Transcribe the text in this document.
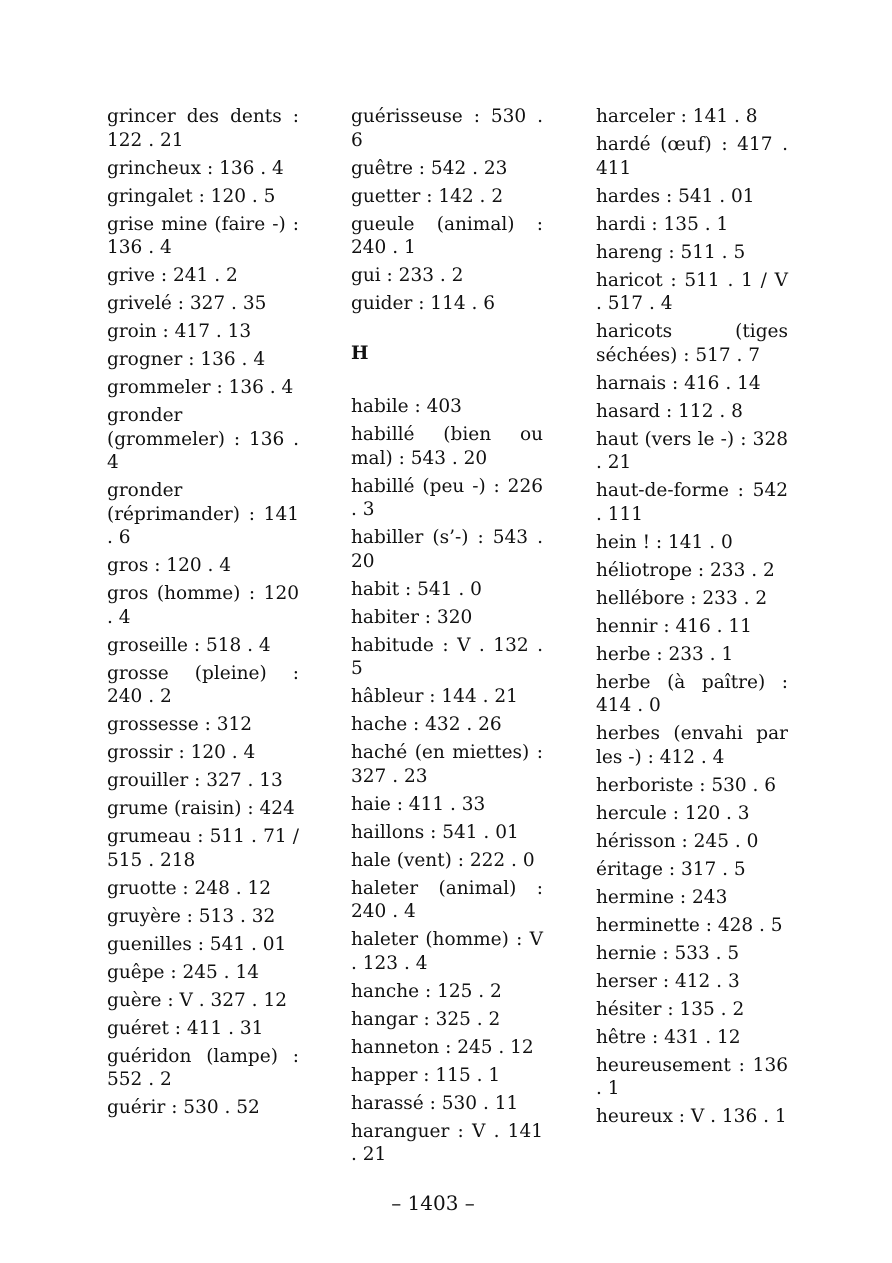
grincer des dents : 122 . 21
grincheux : 136 . 4
gringalet : 120 . 5
grise mine (faire -) : 136 . 4
grive : 241 . 2
grivelé : 327 . 35
groin : 417 . 13
grogner : 136 . 4
grommeler : 136 . 4
gronder (grommeler) : 136 . 4
gronder (réprimander) : 141 . 6
gros : 120 . 4
gros (homme) : 120 . 4
groseille : 518 . 4
grosse (pleine) : 240 . 2
grossesse : 312
grossir : 120 . 4
grouiller : 327 . 13
grume (raisin) : 424
grumeau : 511 . 71 / 515 . 218
gruotte : 248 . 12
gruyère : 513 . 32
guenilles : 541 . 01
guêpe : 245 . 14
guère : V . 327 . 12
guéret : 411 . 31
guéridon (lampe) : 552 . 2
guérir : 530 . 52
guérisseuse : 530 . 6
guêtre : 542 . 23
guetter : 142 . 2
gueule (animal) : 240 . 1
gui : 233 . 2
guider : 114 . 6
H
habile : 403
habillé (bien ou mal) : 543 . 20
habillé (peu -) : 226 . 3
habiller (s’-) : 543 . 20
habit : 541 . 0
habiter : 320
habitude : V . 132 . 5
hâbleur : 144 . 21
hache : 432 . 26
haché (en miettes) : 327 . 23
haie : 411 . 33
haillons : 541 . 01
hale (vent) : 222 . 0
haleter (animal) : 240 . 4
haleter (homme) : V . 123 . 4
hanche : 125 . 2
hangar : 325 . 2
hanneton : 245 . 12
happer : 115 . 1
harassé : 530 . 11
haranguer : V . 141 . 21
harceler : 141 . 8
hardé (œuf) : 417 . 411
hardes : 541 . 01
hardi : 135 . 1
hareng : 511 . 5
haricot : 511 . 1 / V . 517 . 4
haricots (tiges séchées) : 517 . 7
harnais : 416 . 14
hasard : 112 . 8
haut (vers le -) : 328 . 21
haut-de-forme : 542 . 111
hein ! : 141 . 0
héliotrope : 233 . 2
hellébore : 233 . 2
hennir : 416 . 11
herbe : 233 . 1
herbe (à paître) : 414 . 0
herbes (envahi par les -) : 412 . 4
herboriste : 530 . 6
hercule : 120 . 3
hérisson : 245 . 0
éritage : 317 . 5
hermine : 243
herminette : 428 . 5
hernie : 533 . 5
herser : 412 . 3
hésiter : 135 . 2
hêtre : 431 . 12
heureusement : 136 . 1
heureux : V . 136 . 1
– 1403 –
